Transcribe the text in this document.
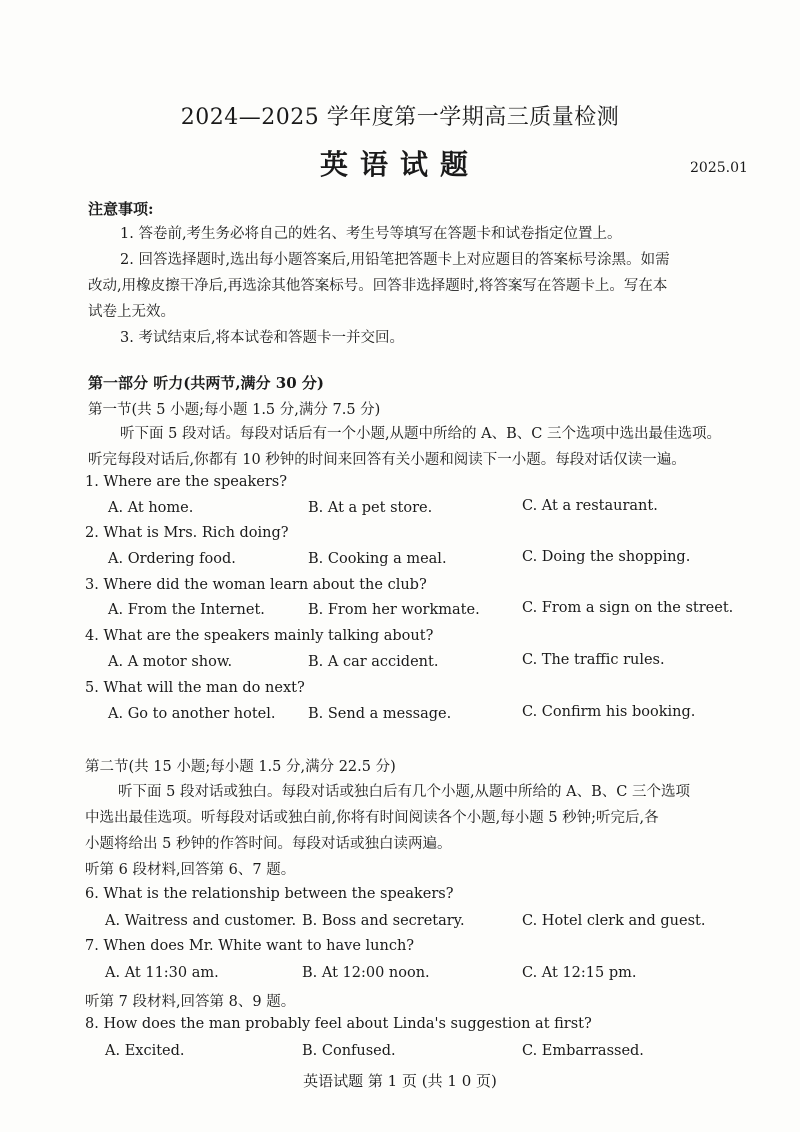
2024—2025 学年度第一学期高三质量检测
英语试题	2025.01
注意事项:
1. 答卷前,考生务必将自己的姓名、考生号等填写在答题卡和试卷指定位置上。
2. 回答选择题时,选出每小题答案后,用铅笔把答题卡上对应题目的答案标号涂黑。如需
改动,用橡皮擦干净后,再选涂其他答案标号。回答非选择题时,将答案写在答题卡上。写在本
试卷上无效。
3. 考试结束后,将本试卷和答题卡一并交回。
第一部分 听力(共两节,满分 30 分)
第一节(共 5 小题;每小题 1.5 分,满分 7.5 分)
听下面 5 段对话。每段对话后有一个小题,从题中所给的 A、B、C 三个选项中选出最佳选项。
听完每段对话后,你都有 10 秒钟的时间来回答有关小题和阅读下一小题。每段对话仅读一遍。
1. Where are the speakers?
A. At home.	B. At a pet store.	C. At a restaurant.
2. What is Mrs. Rich doing?
A. Ordering food.	B. Cooking a meal.	C. Doing the shopping.
3. Where did the woman learn about the club?
A. From the Internet.	B. From her workmate.	C. From a sign on the street.
4. What are the speakers mainly talking about?
A. A motor show.	B. A car accident.	C. The traffic rules.
5. What will the man do next?
A. Go to another hotel. B. Send a message.	C. Confirm his booking.
第二节(共 15 小题;每小题 1.5 分,满分 22.5 分)
听下面 5 段对话或独白。每段对话或独白后有几个小题,从题中所给的 A、B、C 三个选项
中选出最佳选项。听每段对话或独白前,你将有时间阅读各个小题,每小题 5 秒钟;听完后,各
小题将给出 5 秒钟的作答时间。每段对话或独白读两遍。
听第 6 段材料,回答第 6、7 题。
6. What is the relationship between the speakers?
A. Waitress and customer. B. Boss and secretary.	C. Hotel clerk and guest.
7. When does Mr. White want to have lunch?
A. At 11:30 am.	B. At 12:00 noon.	C. At 12:15 pm.
听第 7 段材料,回答第 8、9 题。
8. How does the man probably feel about Linda's suggestion at first?
A. Excited.	B. Confused.	C. Embarrassed.
英语试题 第 1 页 (共 1 0 页)
